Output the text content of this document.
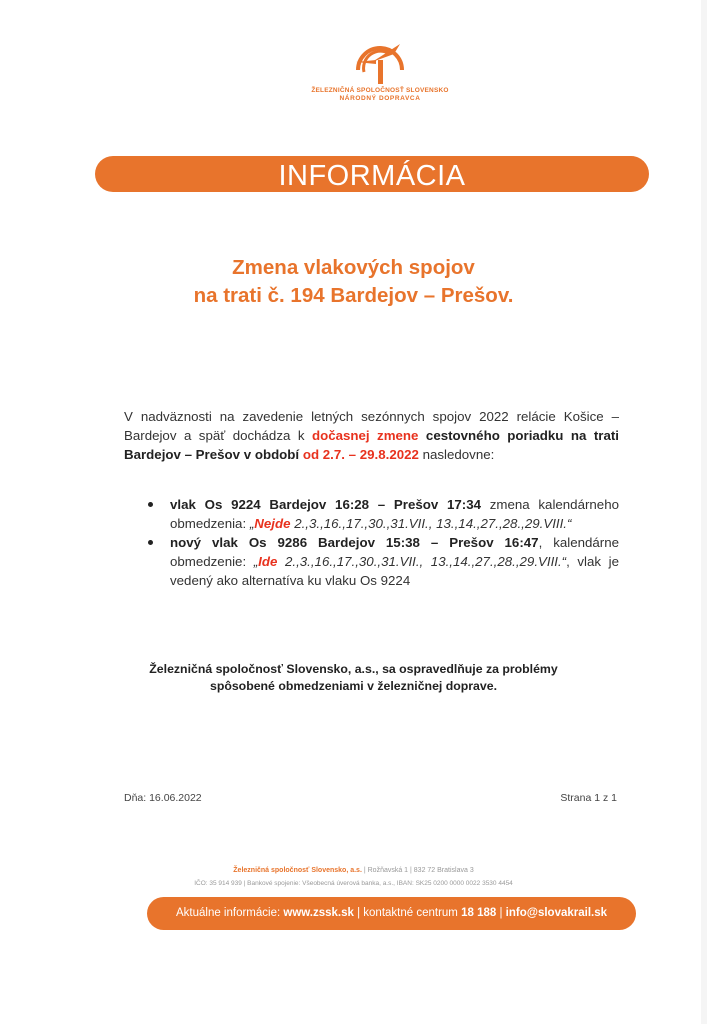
ŽELEZNIČNÁ SPOLOČNOSŤ SLOVENSKO
NÁRODNÝ DOPRAVCA
INFORMÁCIA
Zmena vlakových spojov
na trati č. 194 Bardejov – Prešov.
V nadväznosti na zavedenie letných sezónnych spojov 2022 relácie Košice – Bardejov a späť dochádza k dočasnej zmene cestovného poriadku na trati Bardejov – Prešov v období od 2.7. – 29.8.2022 nasledovne:
vlak Os 9224 Bardejov 16:28 – Prešov 17:34 zmena kalendárneho obmedzenia: „Nejde 2.,3.,16.,17.,30.,31.VII., 13.,14.,27.,28.,29.VIII.“
nový vlak Os 9286 Bardejov 15:38 – Prešov 16:47, kalendárne obmedzenie: „Ide 2.,3.,16.,17.,30.,31.VII., 13.,14.,27.,28.,29.VIII.“, vlak je vedený ako alternatíva ku vlaku Os 9224
Železničná spoločnosť Slovensko, a.s., sa ospravedlňuje za problémy
spôsobené obmedzeniami v železničnej doprave.
Dňa: 16.06.2022	Strana 1 z 1
Železničná spoločnosť Slovensko, a.s. | Rožňavská 1 | 832 72 Bratislava 3
IČO: 35 914 939 | Bankové spojenie: Všeobecná úverová banka, a.s., IBAN: SK25 0200 0000 0022 3530 4454
Aktuálne informácie: www.zssk.sk | kontaktné centrum 18 188 | info@slovakrail.sk
